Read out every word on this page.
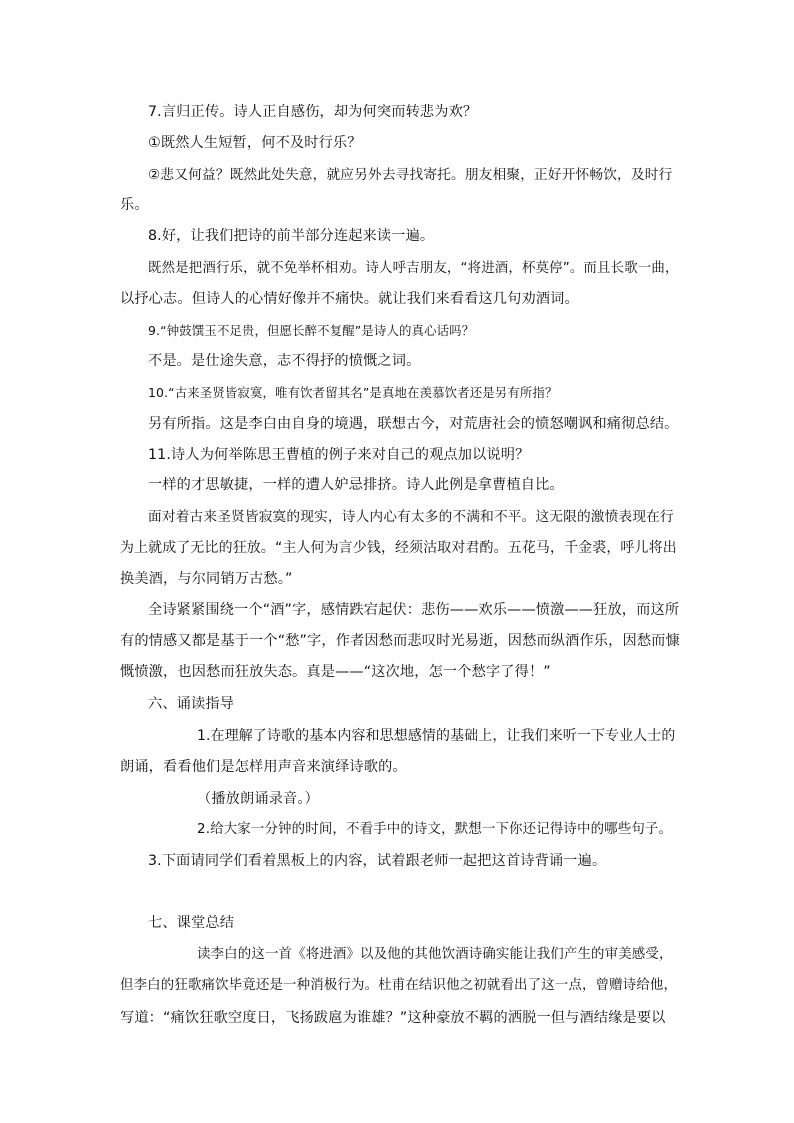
7.言归正传。诗人正自感伤，却为何突而转悲为欢？
①既然人生短暂，何不及时行乐？
②悲又何益？既然此处失意，就应另外去寻找寄托。朋友相聚，正好开怀畅饮，及时行
乐。
8.好，让我们把诗的前半部分连起来读一遍。
既然是把酒行乐，就不免举杯相劝。诗人呼吉朋友，“将进酒，杯莫停”。而且长歌一曲，
以抒心志。但诗人的心情好像并不痛快。就让我们来看看这几句劝酒词。
9.“钟鼓馔玉不足贵，但愿长醉不复醒”是诗人的真心话吗？
不是。是仕途失意，志不得抒的愤慨之词。
10.“古来圣贤皆寂寞，唯有饮者留其名”是真地在羡慕饮者还是另有所指？
另有所指。这是李白由自身的境遇，联想古今，对荒唐社会的愤怒嘲讽和痛彻总结。
11.诗人为何举陈思王曹植的例子来对自己的观点加以说明？
一样的才思敏捷，一样的遭人妒忌排挤。诗人此例是拿曹植自比。
面对着古来圣贤皆寂寞的现实，诗人内心有太多的不满和不平。这无限的激愤表现在行
为上就成了无比的狂放。“主人何为言少钱，经须沽取对君酌。五花马，千金裘，呼儿将出
换美酒，与尔同销万古愁。”
全诗紧紧围绕一个“酒”字，感情跌宕起伏：悲伤——欢乐——愤激——狂放，而这所
有的情感又都是基于一个“愁”字，作者因愁而悲叹时光易逝，因愁而纵酒作乐，因愁而慷
慨愤激，也因愁而狂放失态。真是——“这次地，怎一个愁字了得！”
六、诵读指导
1.在理解了诗歌的基本内容和思想感情的基础上，让我们来听一下专业人士的
朗诵，看看他们是怎样用声音来演绎诗歌的。
（播放朗诵录音。）
2.给大家一分钟的时间，不看手中的诗文，默想一下你还记得诗中的哪些句子。
3.下面请同学们看着黑板上的内容，试着跟老师一起把这首诗背诵一遍。
七、课堂总结
读李白的这一首《将进酒》以及他的其他饮酒诗确实能让我们产生的审美感受，
但李白的狂歌痛饮毕竟还是一种消极行为。杜甫在结识他之初就看出了这一点，曾赠诗给他，
写道：“痛饮狂歌空度日，飞扬跋扈为谁雄？”这种豪放不羁的洒脱一但与酒结缘是要以
